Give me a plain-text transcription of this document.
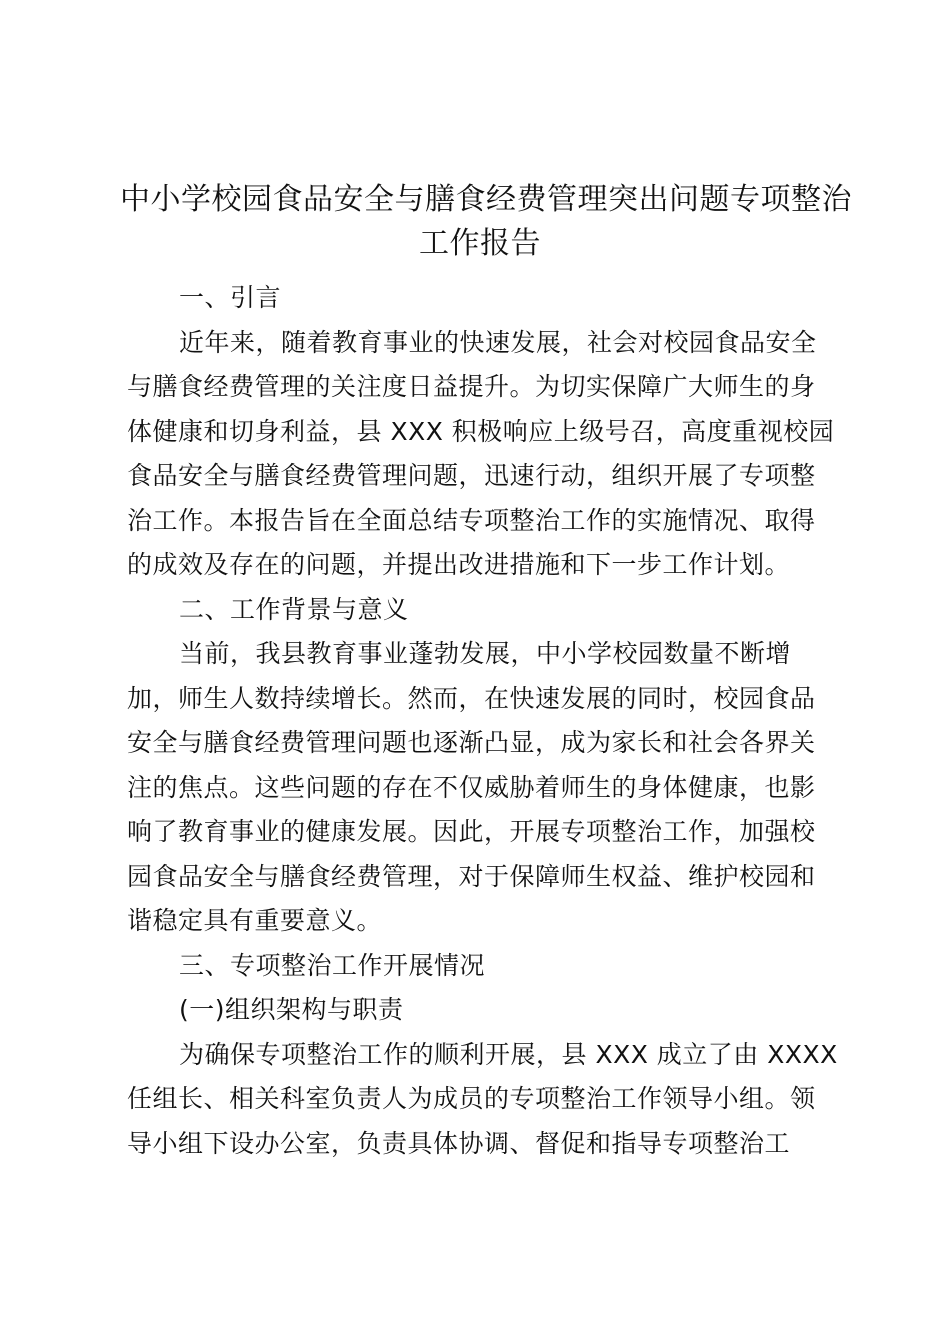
中小学校园食品安全与膳食经费管理突出问题专项整治
工作报告
一、引言
近年来，随着教育事业的快速发展，社会对校园食品安全
与膳食经费管理的关注度日益提升。为切实保障广大师生的身
体健康和切身利益，县 XXX 积极响应上级号召，高度重视校园
食品安全与膳食经费管理问题，迅速行动，组织开展了专项整
治工作。本报告旨在全面总结专项整治工作的实施情况、取得
的成效及存在的问题，并提出改进措施和下一步工作计划。
二、工作背景与意义
当前，我县教育事业蓬勃发展，中小学校园数量不断增
加，师生人数持续增长。然而，在快速发展的同时，校园食品
安全与膳食经费管理问题也逐渐凸显，成为家长和社会各界关
注的焦点。这些问题的存在不仅威胁着师生的身体健康，也影
响了教育事业的健康发展。因此，开展专项整治工作，加强校
园食品安全与膳食经费管理，对于保障师生权益、维护校园和
谐稳定具有重要意义。
三、专项整治工作开展情况
(一)组织架构与职责
为确保专项整治工作的顺利开展，县 XXX 成立了由 XXXX
任组长、相关科室负责人为成员的专项整治工作领导小组。领
导小组下设办公室，负责具体协调、督促和指导专项整治工
